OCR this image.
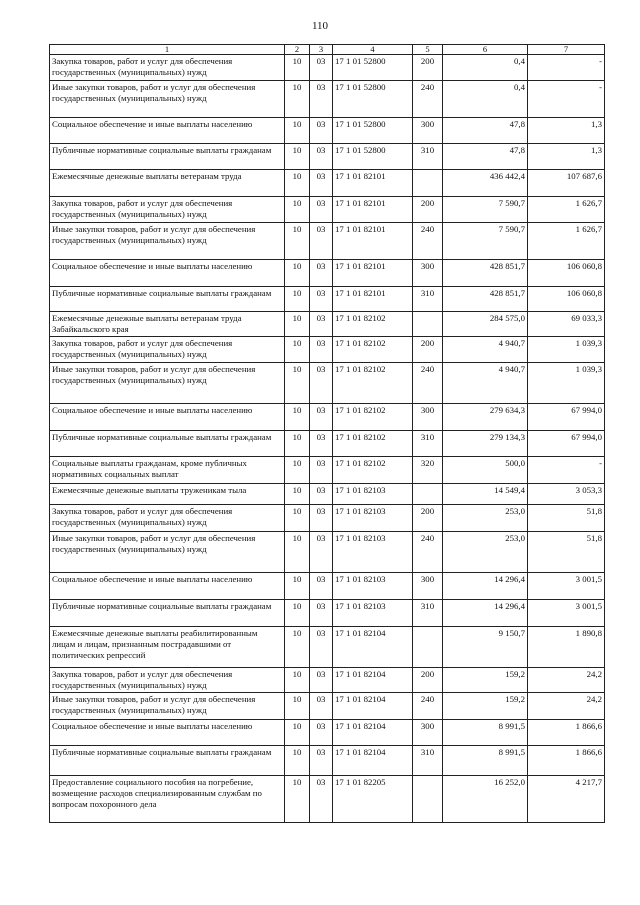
110
1	2	3	4	5	6	7
Закупка товаров, работ и услуг для обеспечения государственных (муниципальных) нужд	10	03	17 1 01 52800	200	0,4	-
Иные закупки товаров, работ и услуг для обеспечения государственных (муниципальных) нужд	10	03	17 1 01 52800	240	0,4	-
Социальное обеспечение и иные выплаты населению	10	03	17 1 01 52800	300	47,8	1,3
Публичные нормативные социальные выплаты гражданам	10	03	17 1 01 52800	310	47,8	1,3
Ежемесячные денежные выплаты ветеранам труда	10	03	17 1 01 82101		436 442,4	107 687,6
Закупка товаров, работ и услуг для обеспечения государственных (муниципальных) нужд	10	03	17 1 01 82101	200	7 590,7	1 626,7
Иные закупки товаров, работ и услуг для обеспечения государственных (муниципальных) нужд	10	03	17 1 01 82101	240	7 590,7	1 626,7
Социальное обеспечение и иные выплаты населению	10	03	17 1 01 82101	300	428 851,7	106 060,8
Публичные нормативные социальные выплаты гражданам	10	03	17 1 01 82101	310	428 851,7	106 060,8
Ежемесячные денежные выплаты ветеранам труда Забайкальского края	10	03	17 1 01 82102		284 575,0	69 033,3
Закупка товаров, работ и услуг для обеспечения государственных (муниципальных) нужд	10	03	17 1 01 82102	200	4 940,7	1 039,3
Иные закупки товаров, работ и услуг для обеспечения государственных (муниципальных) нужд	10	03	17 1 01 82102	240	4 940,7	1 039,3
Социальное обеспечение и иные выплаты населению	10	03	17 1 01 82102	300	279 634,3	67 994,0
Публичные нормативные социальные выплаты гражданам	10	03	17 1 01 82102	310	279 134,3	67 994,0
Социальные выплаты гражданам, кроме публичных нормативных социальных выплат	10	03	17 1 01 82102	320	500,0	-
Ежемесячные денежные выплаты труженикам тыла	10	03	17 1 01 82103		14 549,4	3 053,3
Закупка товаров, работ и услуг для обеспечения государственных (муниципальных) нужд	10	03	17 1 01 82103	200	253,0	51,8
Иные закупки товаров, работ и услуг для обеспечения государственных (муниципальных) нужд	10	03	17 1 01 82103	240	253,0	51,8
Социальное обеспечение и иные выплаты населению	10	03	17 1 01 82103	300	14 296,4	3 001,5
Публичные нормативные социальные выплаты гражданам	10	03	17 1 01 82103	310	14 296,4	3 001,5
Ежемесячные денежные выплаты реабилитированным лицам и лицам, признанным пострадавшими от политических репрессий	10	03	17 1 01 82104		9 150,7	1 890,8
Закупка товаров, работ и услуг для обеспечения государственных (муниципальных) нужд	10	03	17 1 01 82104	200	159,2	24,2
Иные закупки товаров, работ и услуг для обеспечения государственных (муниципальных) нужд	10	03	17 1 01 82104	240	159,2	24,2
Социальное обеспечение и иные выплаты населению	10	03	17 1 01 82104	300	8 991,5	1 866,6
Публичные нормативные социальные выплаты гражданам	10	03	17 1 01 82104	310	8 991,5	1 866,6
Предоставление социального пособия на погребение, возмещение расходов специализированным службам по вопросам похоронного дела	10	03	17 1 01 82205		16 252,0	4 217,7
